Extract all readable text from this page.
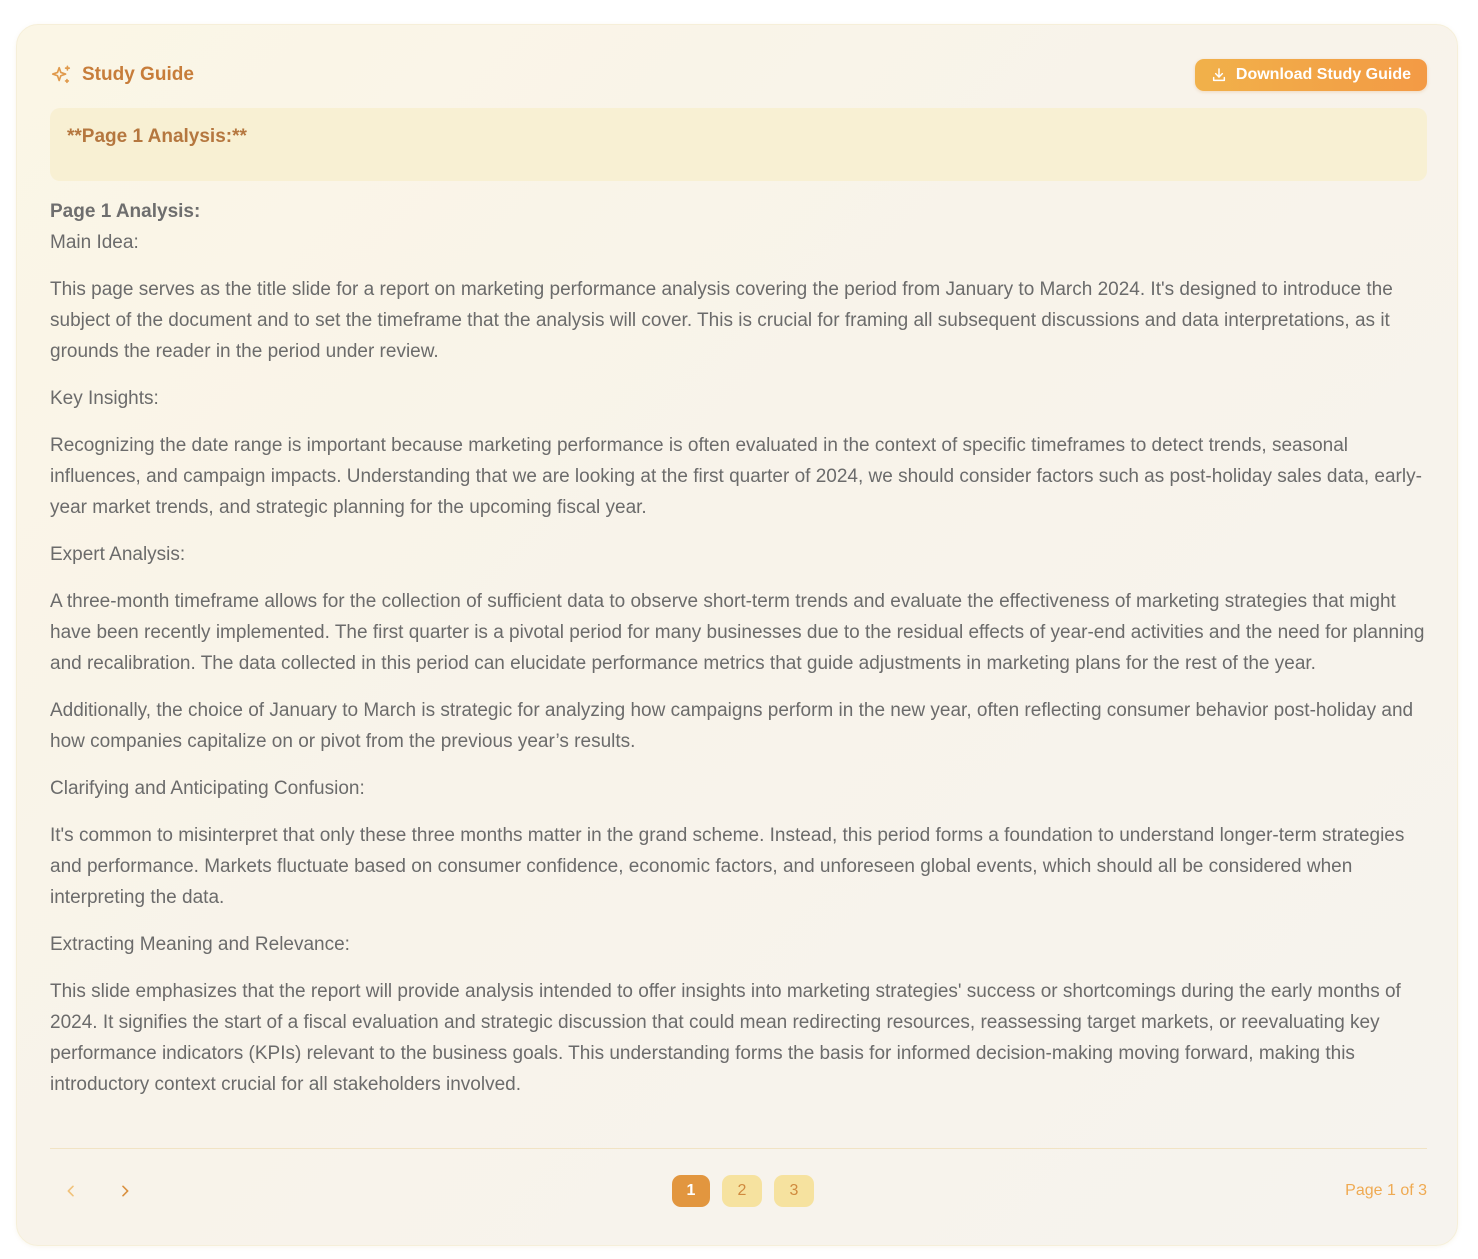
Study Guide	Download Study Guide
**Page 1 Analysis:**

Page 1 Analysis:

Main Idea:

This page serves as the title slide for a report on marketing performance analysis covering the period from January to March 2024. It's designed to introduce the subject of the document and to set the timeframe that the analysis will cover. This is crucial for framing all subsequent discussions and data interpretations, as it grounds the reader in the period under review.

Key Insights:

Recognizing the date range is important because marketing performance is often evaluated in the context of specific timeframes to detect trends, seasonal influences, and campaign impacts. Understanding that we are looking at the first quarter of 2024, we should consider factors such as post-holiday sales data, early-year market trends, and strategic planning for the upcoming fiscal year.

Expert Analysis:

A three-month timeframe allows for the collection of sufficient data to observe short-term trends and evaluate the effectiveness of marketing strategies that might have been recently implemented. The first quarter is a pivotal period for many businesses due to the residual effects of year-end activities and the need for planning and recalibration. The data collected in this period can elucidate performance metrics that guide adjustments in marketing plans for the rest of the year.

Additionally, the choice of January to March is strategic for analyzing how campaigns perform in the new year, often reflecting consumer behavior post-holiday and how companies capitalize on or pivot from the previous year’s results.

Clarifying and Anticipating Confusion:

It's common to misinterpret that only these three months matter in the grand scheme. Instead, this period forms a foundation to understand longer-term strategies and performance. Markets fluctuate based on consumer confidence, economic factors, and unforeseen global events, which should all be considered when interpreting the data.

Extracting Meaning and Relevance:

This slide emphasizes that the report will provide analysis intended to offer insights into marketing strategies' success or shortcomings during the early months of 2024. It signifies the start of a fiscal evaluation and strategic discussion that could mean redirecting resources, reassessing target markets, or reevaluating key performance indicators (KPIs) relevant to the business goals. This understanding forms the basis for informed decision-making moving forward, making this introductory context crucial for all stakeholders involved.

1	2	3	Page 1 of 3
